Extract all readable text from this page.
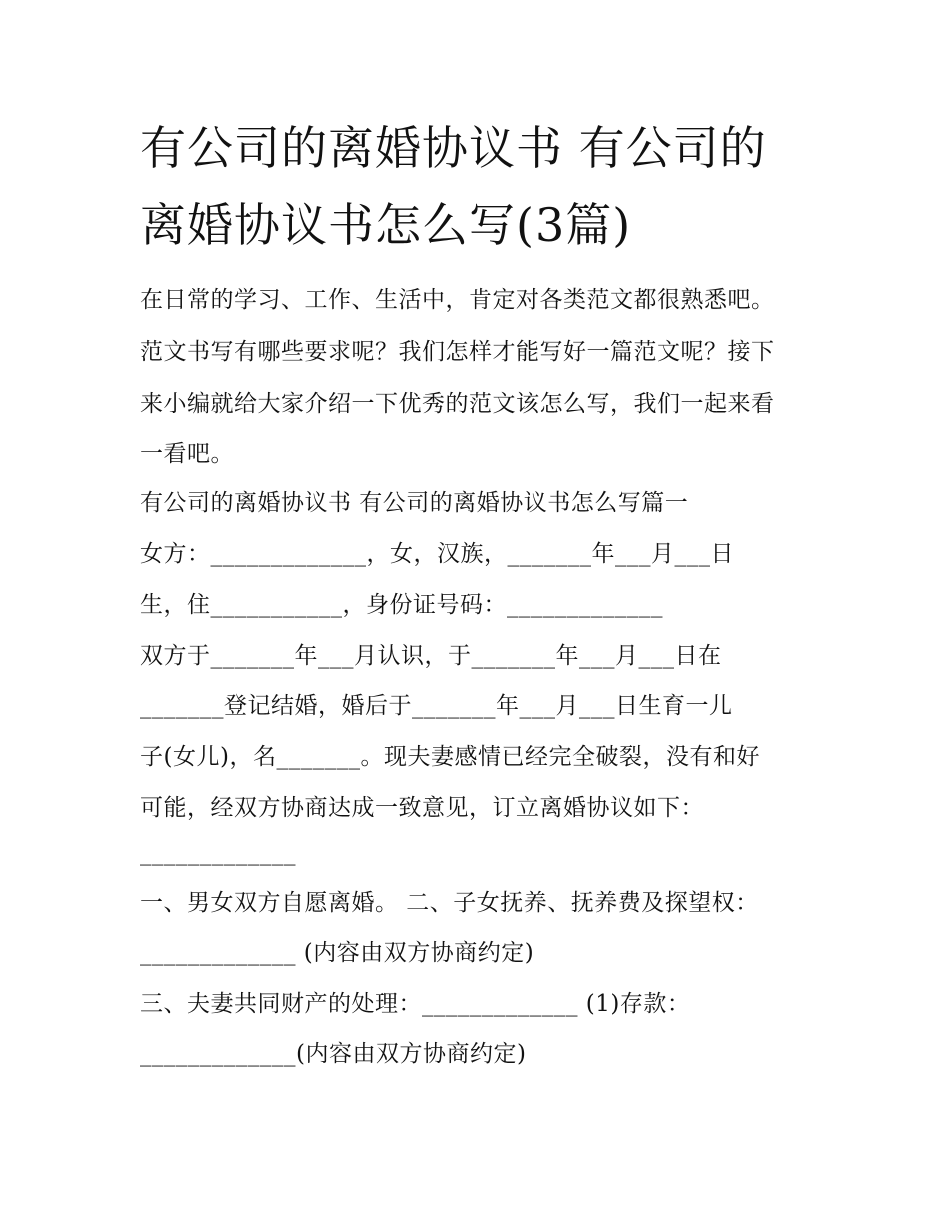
有公司的离婚协议书 有公司的
离婚协议书怎么写(3篇)
在日常的学习、工作、生活中，肯定对各类范文都很熟悉吧。
范文书写有哪些要求呢？我们怎样才能写好一篇范文呢？接下
来小编就给大家介绍一下优秀的范文该怎么写，我们一起来看
一看吧。
有公司的离婚协议书 有公司的离婚协议书怎么写篇一
女方：_____________，女，汉族，_______年___月___日
生，住___________，身份证号码：_____________
双方于_______年___月认识，于_______年___月___日在
_______登记结婚，婚后于_______年___月___日生育一儿
子(女儿)，名_______。现夫妻感情已经完全破裂，没有和好
可能，经双方协商达成一致意见，订立离婚协议如下：
_____________
一、男女双方自愿离婚。 二、子女抚养、抚养费及探望权：
_____________ (内容由双方协商约定)
三、夫妻共同财产的处理：_____________ (1)存款：
_____________(内容由双方协商约定)
